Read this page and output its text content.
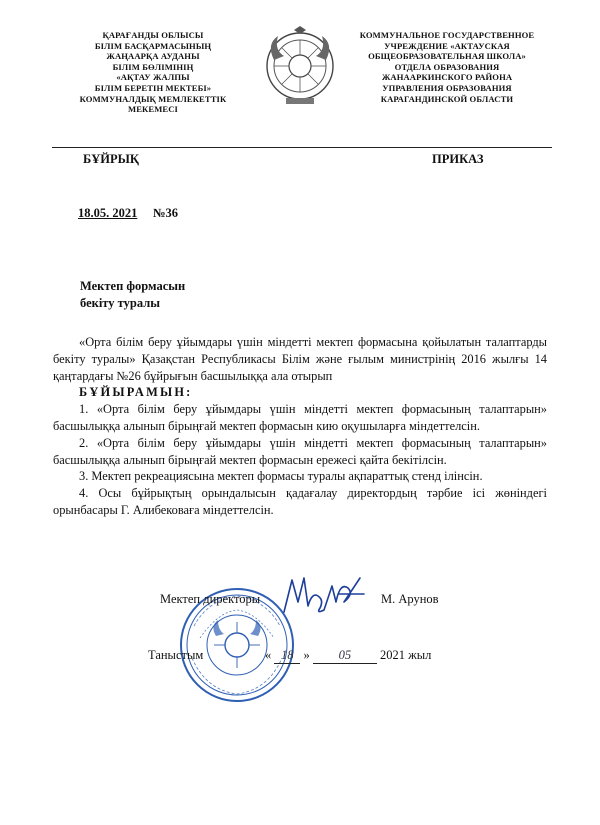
ҚАРАҒАНДЫ ОБЛЫСЫ
БІЛІМ БАСҚАРМАСЫНЫҢ
ЖАҢААРҚА АУДАНЫ
БІЛІМ БӨЛІМІНІҢ
«АҚТАУ ЖАЛПЫ
БІЛІМ БЕРЕТІН МЕКТЕБІ»
КОММУНАЛДЫҚ МЕМЛЕКЕТТІК
МЕКЕМЕСІ
КОММУНАЛЬНОЕ ГОСУДАРСТВЕННОЕ
УЧРЕЖДЕНИЕ «АКТАУСКАЯ
ОБЩЕОБРАЗОВАТЕЛЬНАЯ ШКОЛА»
ОТДЕЛА ОБРАЗОВАНИЯ
ЖАНААРКИНСКОГО РАЙОНА
УПРАВЛЕНИЯ ОБРАЗОВАНИЯ
КАРАГАНДИНСКОЙ ОБЛАСТИ
БҰЙРЫҚ	ПРИКАЗ
18.05. 2021 №36
Мектеп формасын
бекіту туралы

«Орта білім беру ұйымдары үшін міндетті мектеп формасына қойылатын талаптарды бекіту туралы» Қазақстан Республикасы Білім және ғылым министрінің 2016 жылғы 14 қаңтардағы №26 бұйрығын басшылыққа ала отырып

БҰЙЫРАМЫН:

1. «Орта білім беру ұйымдары үшін міндетті мектеп формасының талаптарын» басшылыққа алынып бірыңғай мектеп формасын кию оқушыларға міндеттелсін.

2. «Орта білім беру ұйымдары үшін міндетті мектеп формасының талаптарын» басшылыққа алынып бірыңғай мектеп формасын ережесі қайта бекітілсін.

3. Мектеп рекреациясына мектеп формасы туралы ақпараттық стенд ілінсін.

4. Осы бұйрықтың орындалысын қадағалау директордың тәрбие ісі жөніндегі орынбасары Г. Алибековаға міндеттелсін.

Мектеп директоры	М. Арунов
Таныстым	« 18 » 05 2021 жыл
